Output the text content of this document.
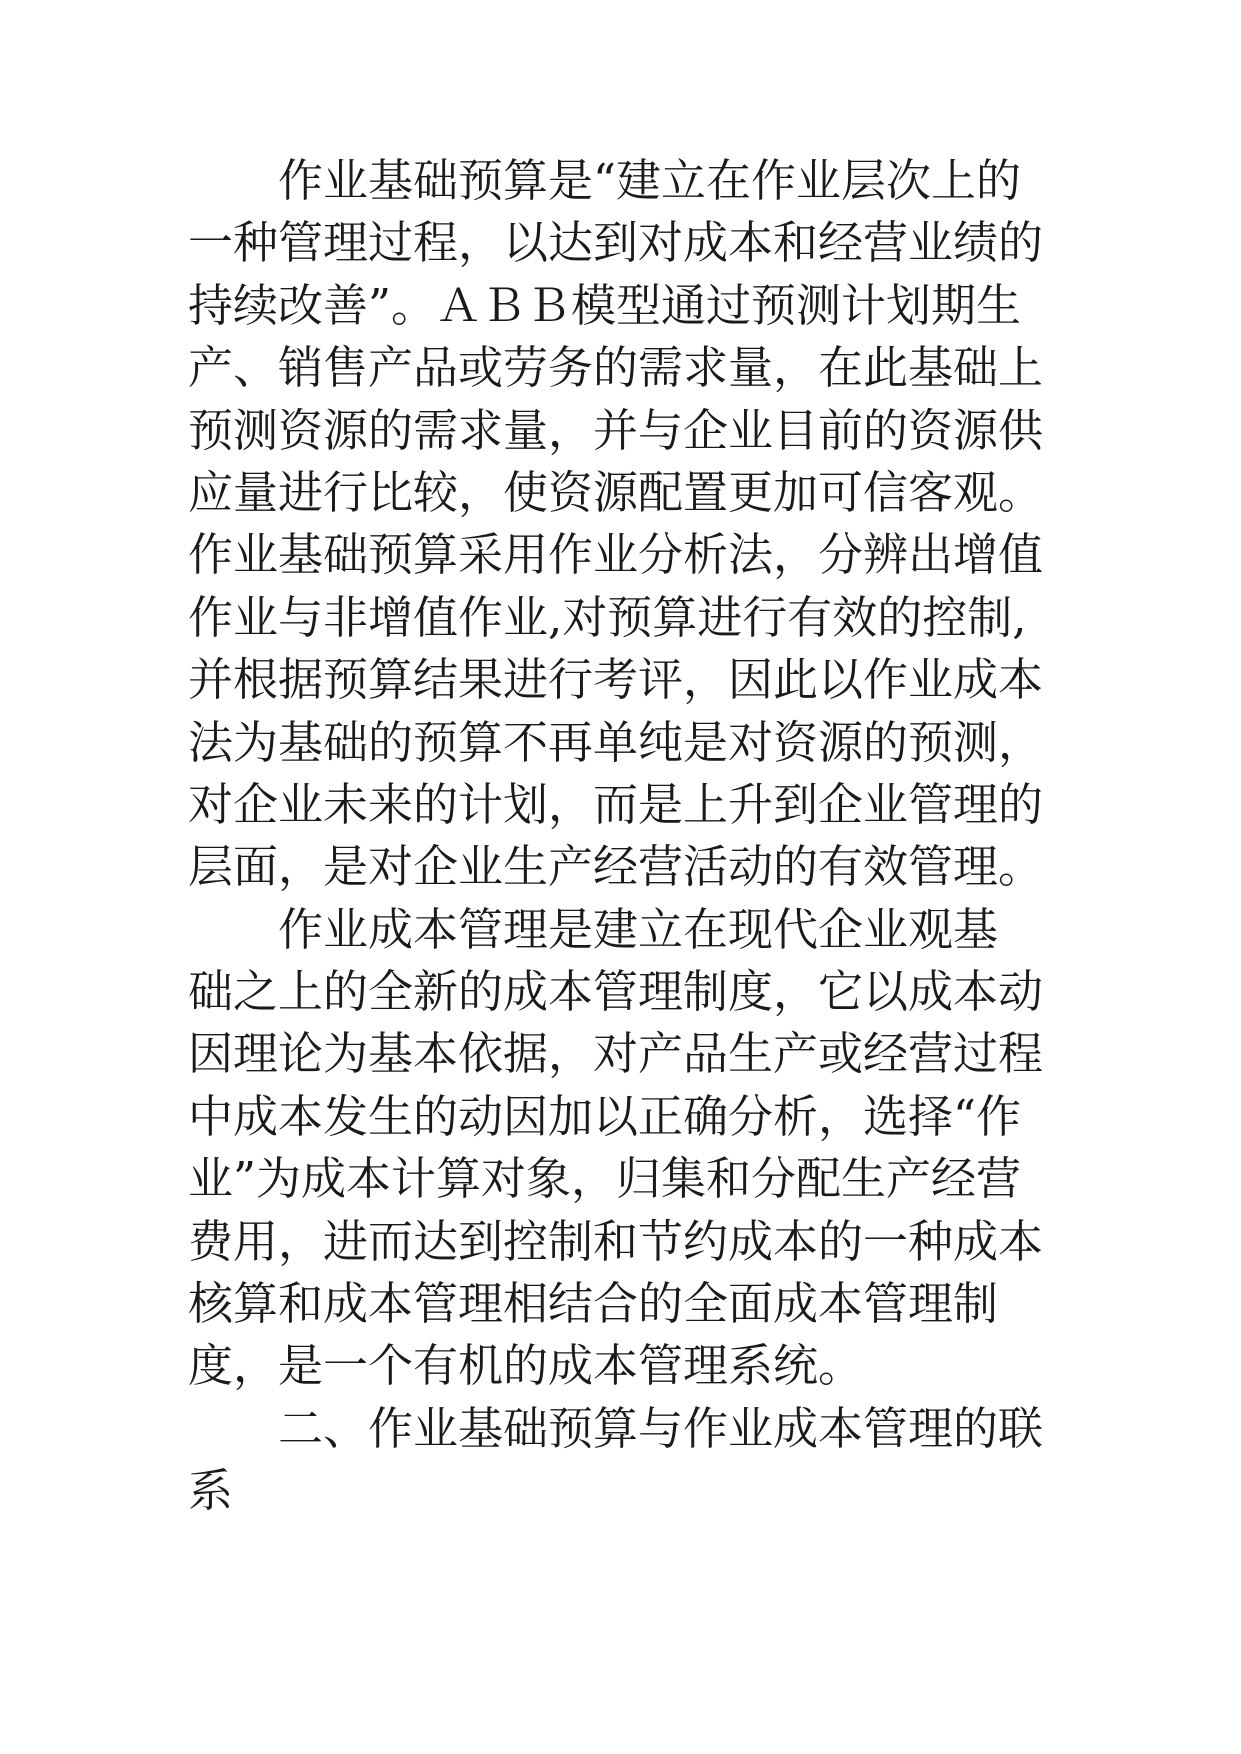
作业基础预算是“建立在作业层次上的
一种管理过程，以达到对成本和经营业绩的
持续改善”。ＡＢＢ模型通过预测计划期生
产、销售产品或劳务的需求量，在此基础上
预测资源的需求量，并与企业目前的资源供
应量进行比较，使资源配置更加可信客观。
作业基础预算采用作业分析法，分辨出增值
作业与非增值作业,对预算进行有效的控制,
并根据预算结果进行考评，因此以作业成本
法为基础的预算不再单纯是对资源的预测，
对企业未来的计划，而是上升到企业管理的
层面，是对企业生产经营活动的有效管理。
作业成本管理是建立在现代企业观基
础之上的全新的成本管理制度，它以成本动
因理论为基本依据，对产品生产或经营过程
中成本发生的动因加以正确分析，选择“作
业”为成本计算对象，归集和分配生产经营
费用，进而达到控制和节约成本的一种成本
核算和成本管理相结合的全面成本管理制
度，是一个有机的成本管理系统。
二、作业基础预算与作业成本管理的联
系
